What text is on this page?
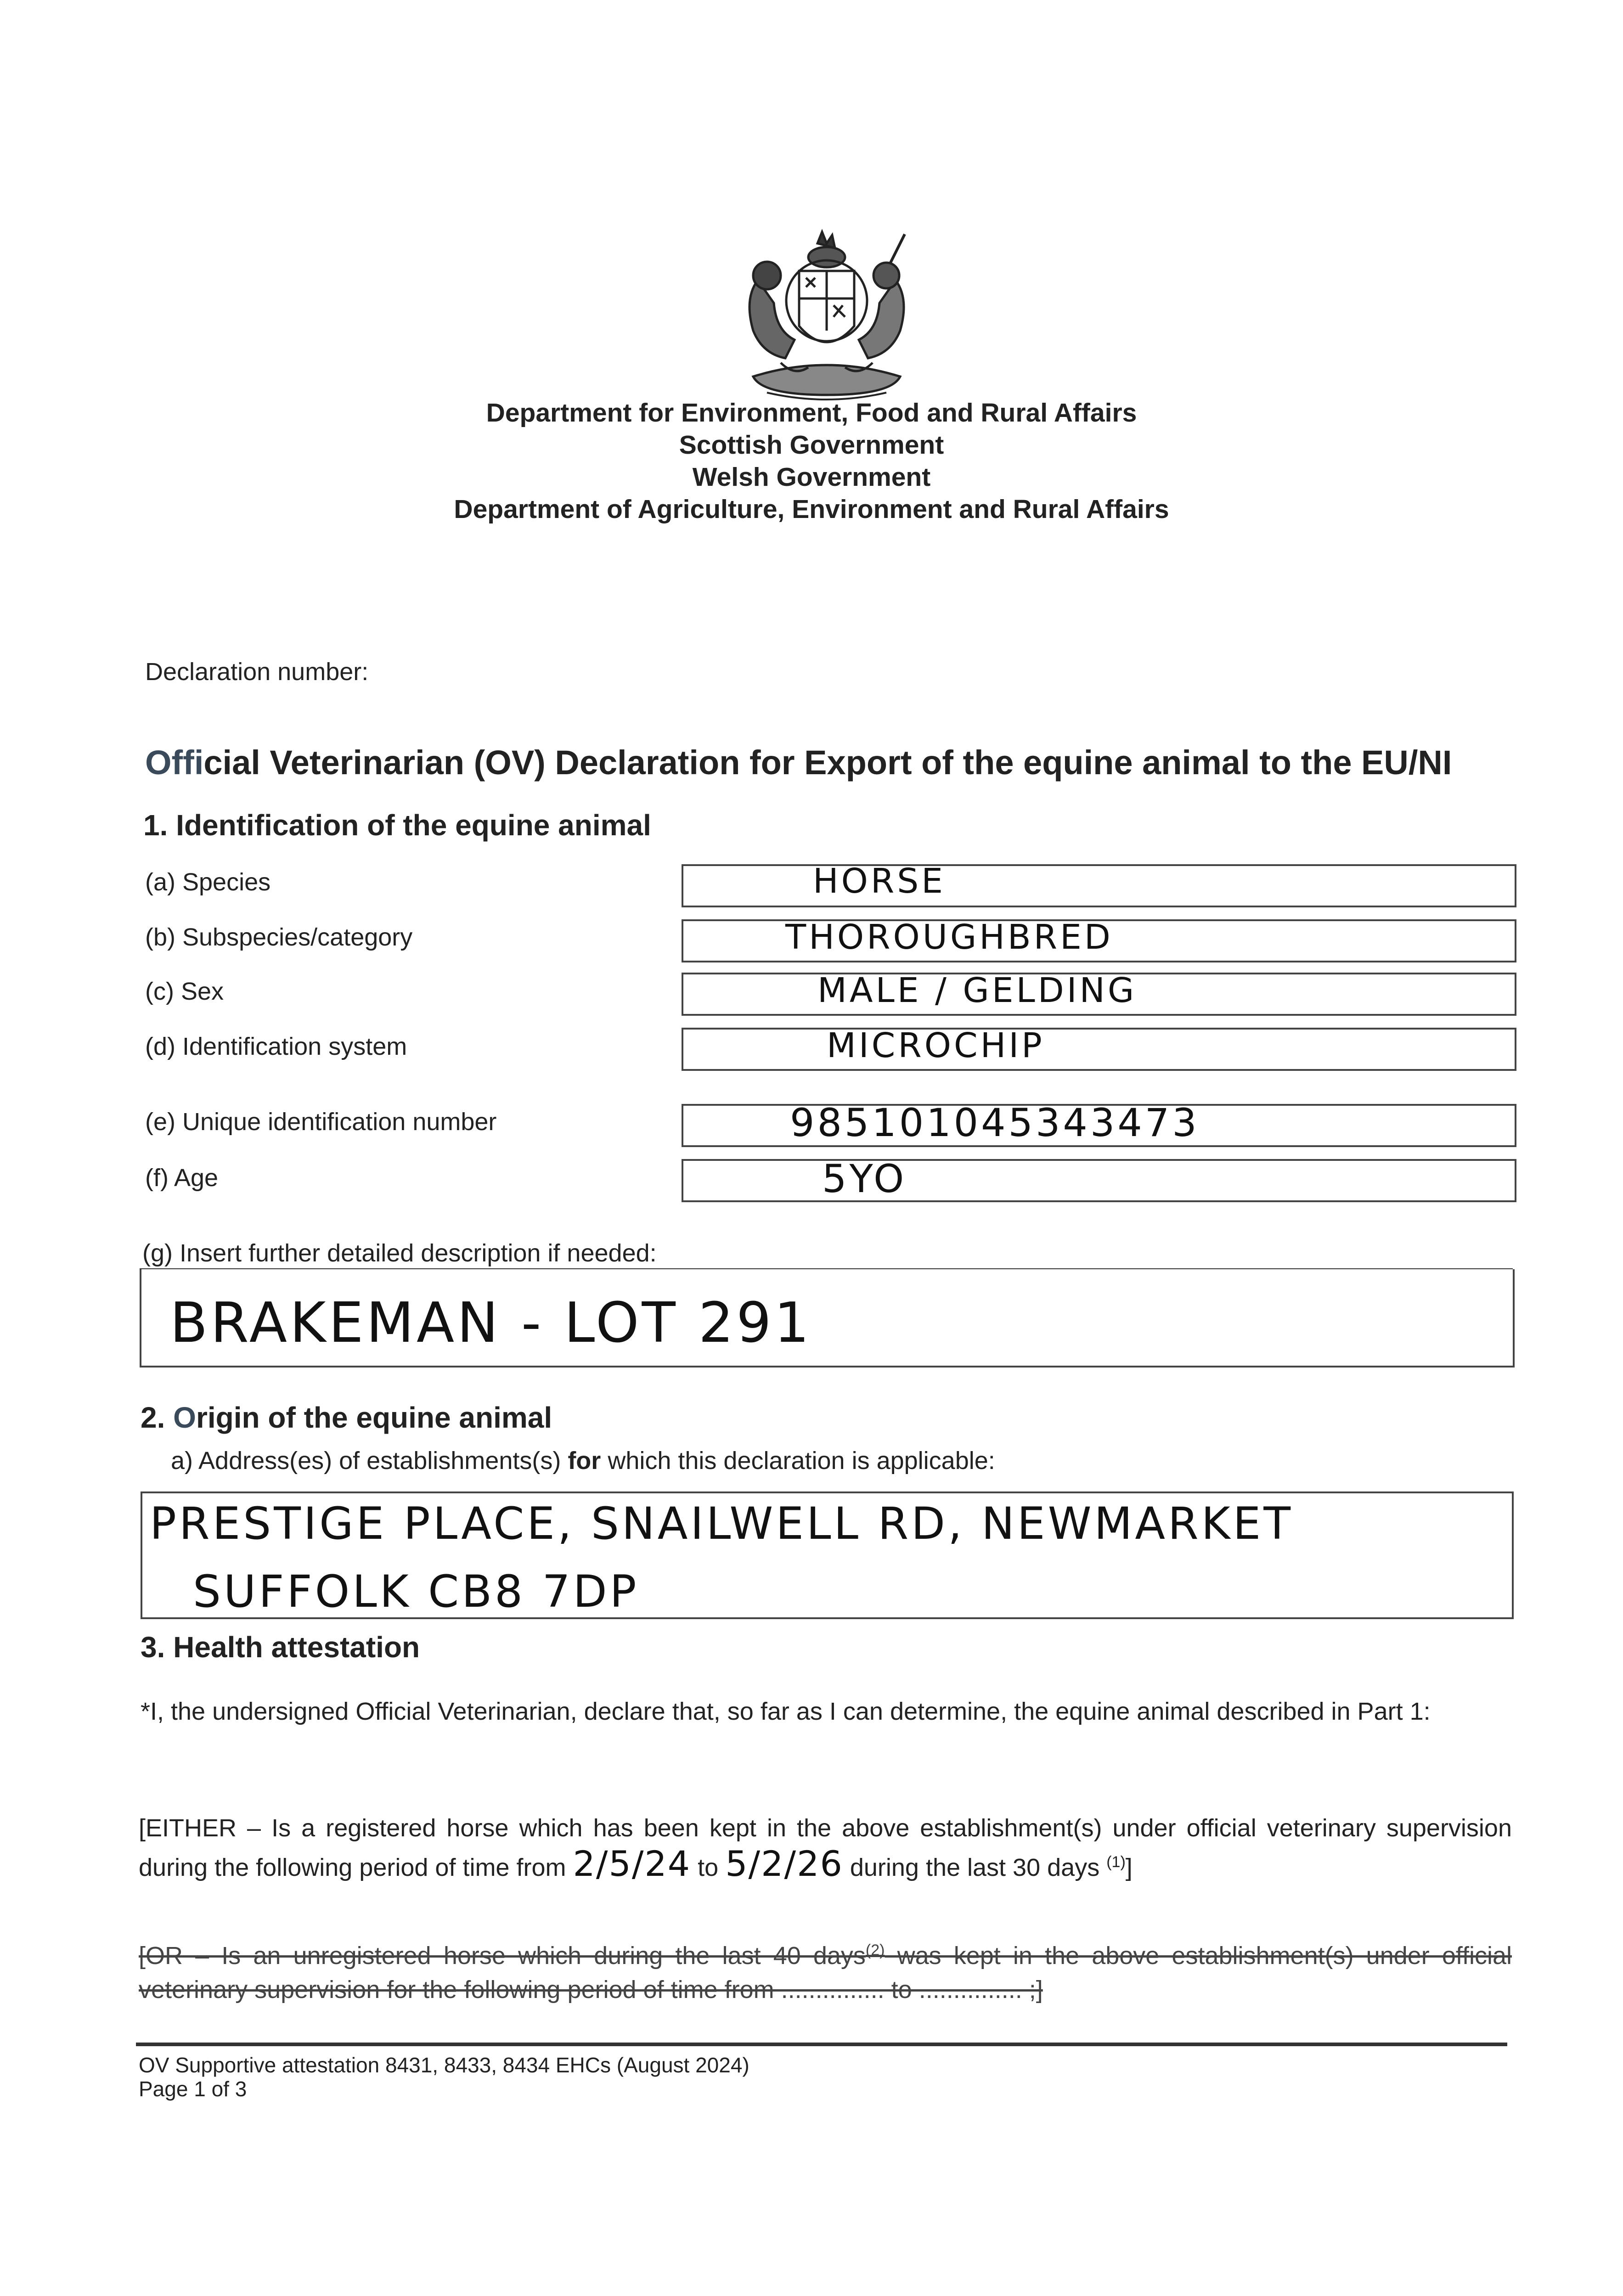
Department for Environment, Food and Rural Affairs
Scottish Government
Welsh Government
Department of Agriculture, Environment and Rural Affairs
Declaration number:
Official Veterinarian (OV) Declaration for Export of the equine animal to the EU/NI
1. Identification of the equine animal
(a) Species	HORSE
(b) Subspecies/category	THOROUGHBRED
(c) Sex	MALE / GELDING
(d) Identification system	MICROCHIP
(e) Unique identification number	985101045343473
(f) Age	5YO
(g) Insert further detailed description if needed:
BRAKEMAN - LOT 291
2. Origin of the equine animal
a) Address(es) of establishments(s) for which this declaration is applicable:
PRESTIGE PLACE, SNAILWELL RD, NEWMARKET
SUFFOLK CB8 7DP
3. Health attestation
*I, the undersigned Official Veterinarian, declare that, so far as I can determine, the equine animal described in Part 1:
[EITHER – Is a registered horse which has been kept in the above establishment(s) under official veterinary supervision during the following period of time from 2/5/24 to 5/2/26 during the last 30 days $^{(1)}$]
[OR – Is an unregistered horse which during the last 40 days$^{(2)}$ was kept in the above establishment(s) under official veterinary supervision for the following period of time from ............... to ............... ;]
OV Supportive attestation 8431, 8433, 8434 EHCs (August 2024)
Page 1 of 3
